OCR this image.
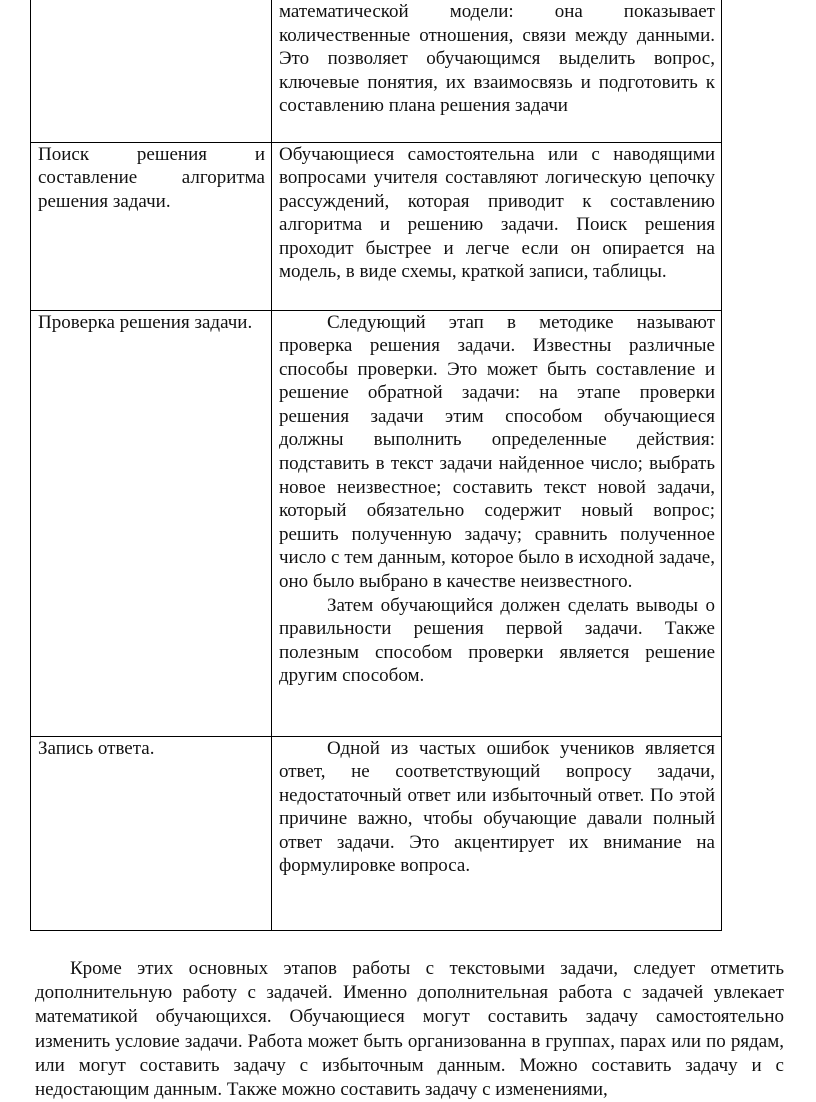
	математической модели: она показывает количественные отношения, связи между данными. Это позволяет обучающимся выделить вопрос, ключевые понятия, их взаимосвязь и подготовить к составлению плана решения задачи

Поиск решения и составление алгоритма решения задачи.	Обучающиеся самостоятельна или с наводящими вопросами учителя составляют логическую цепочку рассуждений, которая приводит к составлению алгоритма и решению задачи. Поиск решения проходит быстрее и легче если он опирается на модель, в виде схемы, краткой записи, таблицы.

Проверка решения задачи.	Следующий этап в методике называют проверка решения задачи. Известны различные способы проверки. Это может быть составление и решение обратной задачи: на этапе проверки решения задачи этим способом обучающиеся должны выполнить определенные действия: подставить в текст задачи найденное число; выбрать новое неизвестное; составить текст новой задачи, который обязательно содержит новый вопрос; решить полученную задачу; сравнить полученное число с тем данным, которое было в исходной задаче, оно было выбрано в качестве неизвестного.

Затем обучающийся должен сделать выводы о правильности решения первой задачи. Также полезным способом проверки является решение другим способом.

Запись ответа.	Одной из частых ошибок учеников является ответ, не соответствующий вопросу задачи, недостаточный ответ или избыточный ответ. По этой причине важно, чтобы обучающие давали полный ответ задачи. Это акцентирует их внимание на формулировке вопроса.

Кроме этих основных этапов работы с текстовыми задачи, следует отметить дополнительную работу с задачей. Именно дополнительная работа с задачей увлекает математикой обучающихся. Обучающиеся могут составить задачу самостоятельно изменить условие задачи. Работа может быть организованна в группах, парах или по рядам, или могут составить задачу с избыточным данным. Можно составить задачу и с недостающим данным. Также можно составить задачу с изменениями,
